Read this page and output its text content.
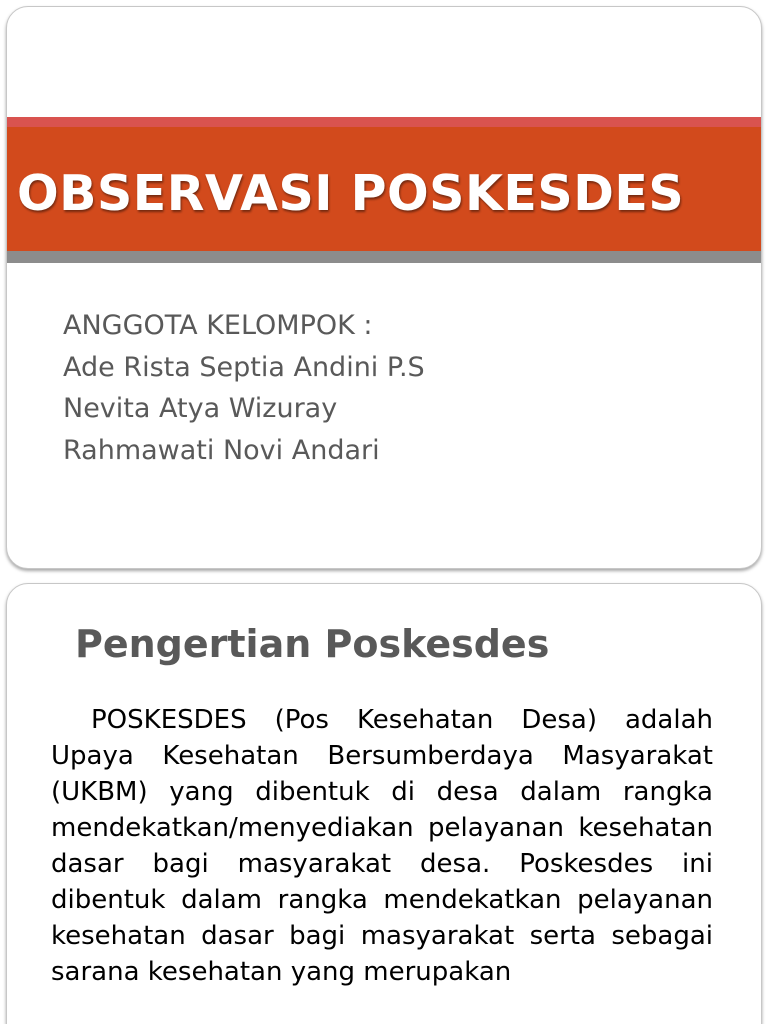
OBSERVASI POSKESDES
ANGGOTA KELOMPOK :
Ade Rista Septia Andini P.S
Nevita Atya Wizuray
Rahmawati Novi Andari
Pengertian Poskesdes

POSKESDES (Pos Kesehatan Desa) adalah Upaya Kesehatan Bersumberdaya Masyarakat (UKBM) yang dibentuk di desa dalam rangka mendekatkan/menyediakan pelayanan kesehatan dasar bagi masyarakat desa. Poskesdes ini dibentuk dalam rangka mendekatkan pelayanan kesehatan dasar bagi masyarakat serta sebagai sarana kesehatan yang merupakan
